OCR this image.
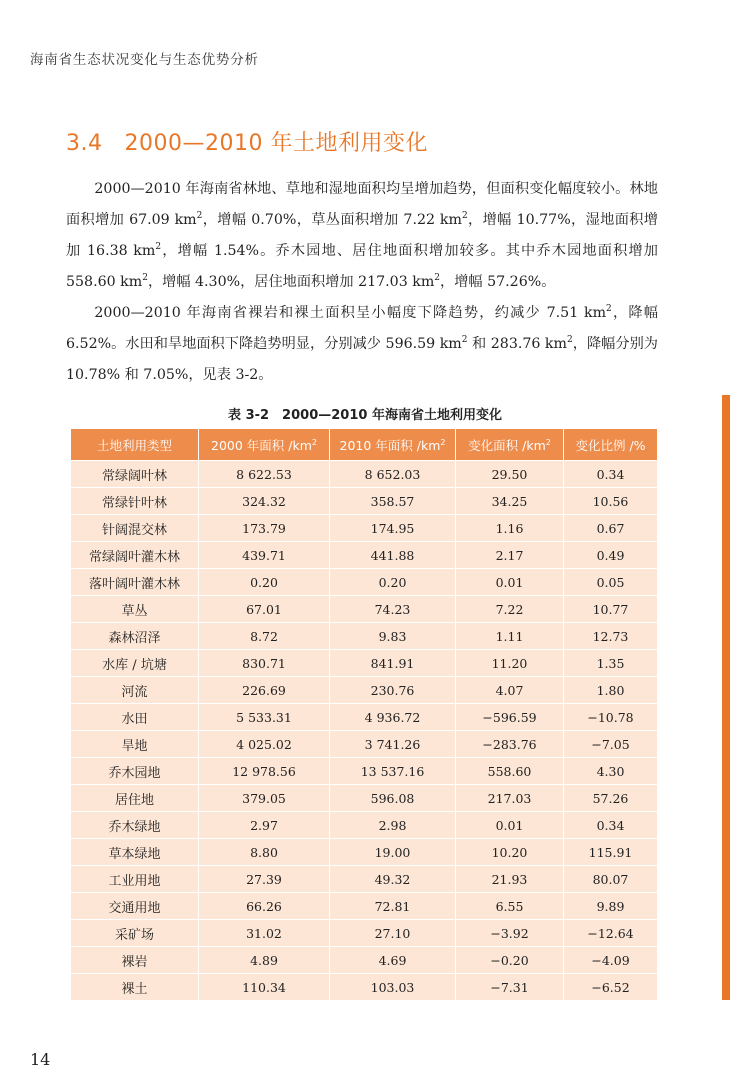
海南省生态状况变化与生态优势分析
3.4 2000—2010 年土地利用变化

2000—2010 年海南省林地、草地和湿地面积均呈增加趋势，但面积变化幅度较小。林地面积增加 67.09 $km^2$，增幅 0.70%，草丛面积增加 7.22 $km^2$，增幅 10.77%，湿地面积增加 16.38 $km^2$，增幅 1.54%。乔木园地、居住地面积增加较多。其中乔木园地面积增加 558.60 $km^2$，增幅 4.30%，居住地面积增加 217.03 $km^2$，增幅 57.26%。

2000—2010 年海南省裸岩和裸土面积呈小幅度下降趋势，约减少 7.51 $km^2$，降幅 6.52%。水田和旱地面积下降趋势明显，分别减少 596.59 $km^2$ 和 283.76 $km^2$，降幅分别为 10.78% 和 7.05%，见表 3-2。

表 3-2　2000—2010 年海南省土地利用变化
土地利用类型	2000 年面积 $/km^2$	2010 年面积 $/km^2$	变化面积 $/km^2$	变化比例 /%
常绿阔叶林	8 622.53	8 652.03	29.50	0.34
常绿针叶林	324.32	358.57	34.25	10.56
针阔混交林	173.79	174.95	1.16	0.67
常绿阔叶灌木林	439.71	441.88	2.17	0.49
落叶阔叶灌木林	0.20	0.20	0.01	0.05
草丛	67.01	74.23	7.22	10.77
森林沼泽	8.72	9.83	1.11	12.73
水库 / 坑塘	830.71	841.91	11.20	1.35
河流	226.69	230.76	4.07	1.80
水田	5 533.31	4 936.72	−596.59	−10.78
旱地	4 025.02	3 741.26	−283.76	−7.05
乔木园地	12 978.56	13 537.16	558.60	4.30
居住地	379.05	596.08	217.03	57.26
乔木绿地	2.97	2.98	0.01	0.34
草本绿地	8.80	19.00	10.20	115.91
工业用地	27.39	49.32	21.93	80.07
交通用地	66.26	72.81	6.55	9.89
采矿场	31.02	27.10	−3.92	−12.64
裸岩	4.89	4.69	−0.20	−4.09
裸土	110.34	103.03	−7.31	−6.52
14
